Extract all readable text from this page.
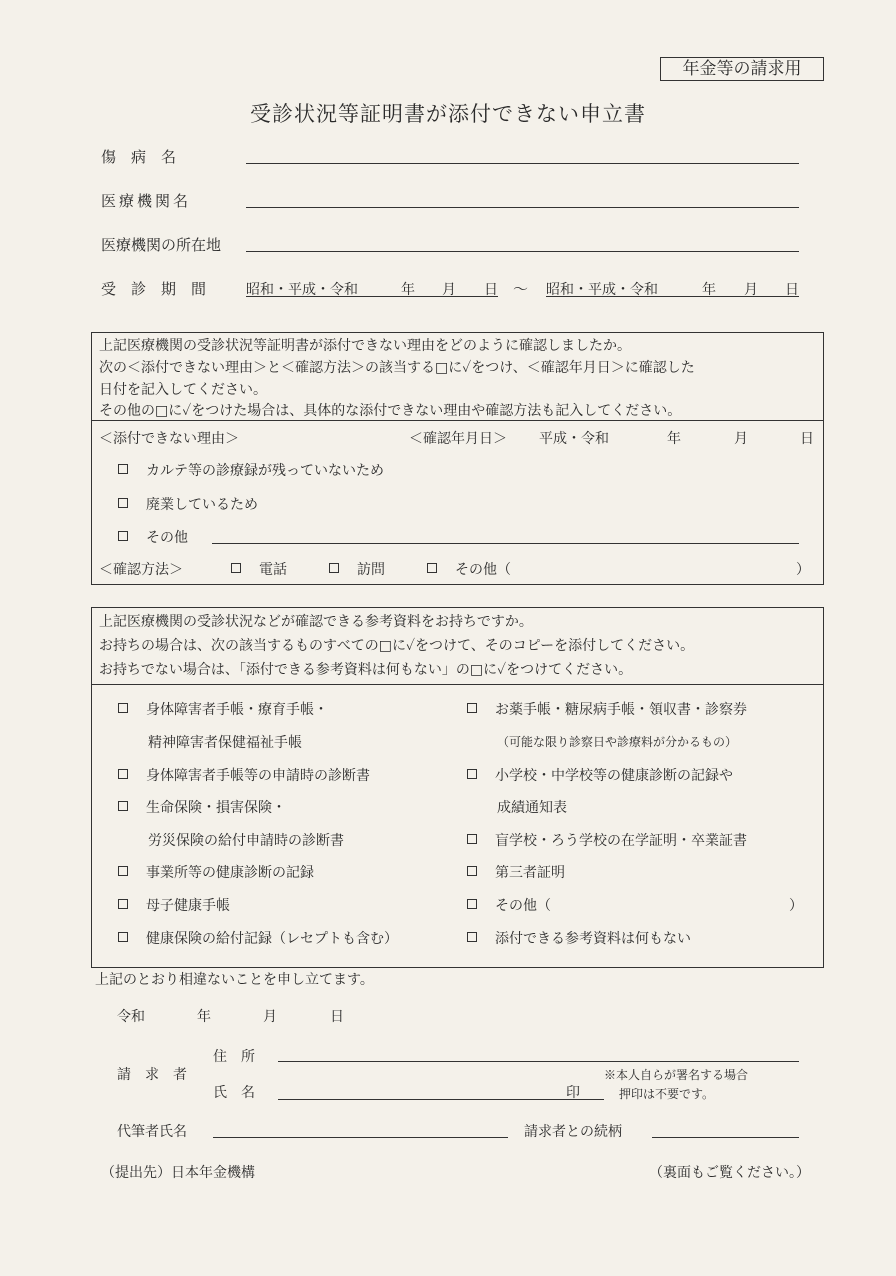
年金等の請求用
受診状況等証明書が添付できない申立書
傷　病　名
医療機関名
医療機関の所在地
受　診　期　間	昭和・平成・令和	年 月 日 ～ 昭和・平成・令和	年 月 日
上記医療機関の受診状況等証明書が添付できない理由をどのように確認しましたか。
次の＜添付できない理由＞と＜確認方法＞の該当する□に✓をつけ、＜確認年月日＞に確認した
日付を記入してください。
その他の□に✓をつけた場合は、具体的な添付できない理由や確認方法も記入してください。
＜添付できない理由＞	＜確認年月日＞ 平成・令和	年	月	日
カルテ等の診療録が残っていないため
廃業しているため
その他
＜確認方法＞	電話	訪問	その他（	）
上記医療機関の受診状況などが確認できる参考資料をお持ちですか。
お持ちの場合は、次の該当するものすべての□に✓をつけて、そのコピーを添付してください。
お持ちでない場合は、「添付できる参考資料は何もない」の□に✓をつけてください。
身体障害者手帳・療育手帳・
精神障害者保健福祉手帳
身体障害者手帳等の申請時の診断書
生命保険・損害保険・
労災保険の給付申請時の診断書
事業所等の健康診断の記録
母子健康手帳
健康保険の給付記録（レセプトも含む）
お薬手帳・糖尿病手帳・領収書・診察券
（可能な限り診察日や診療料が分かるもの）
小学校・中学校等の健康診断の記録や
成績通知表
盲学校・ろう学校の在学証明・卒業証書
第三者証明
その他（	）
添付できる参考資料は何もない
上記のとおり相違ないことを申し立てます。
令和	年	月	日
請　求　者
住　所
氏　名	印
※本人自らが署名する場合
押印は不要です。
代筆者氏名	請求者との続柄
（提出先）日本年金機構	（裏面もご覧ください。）
